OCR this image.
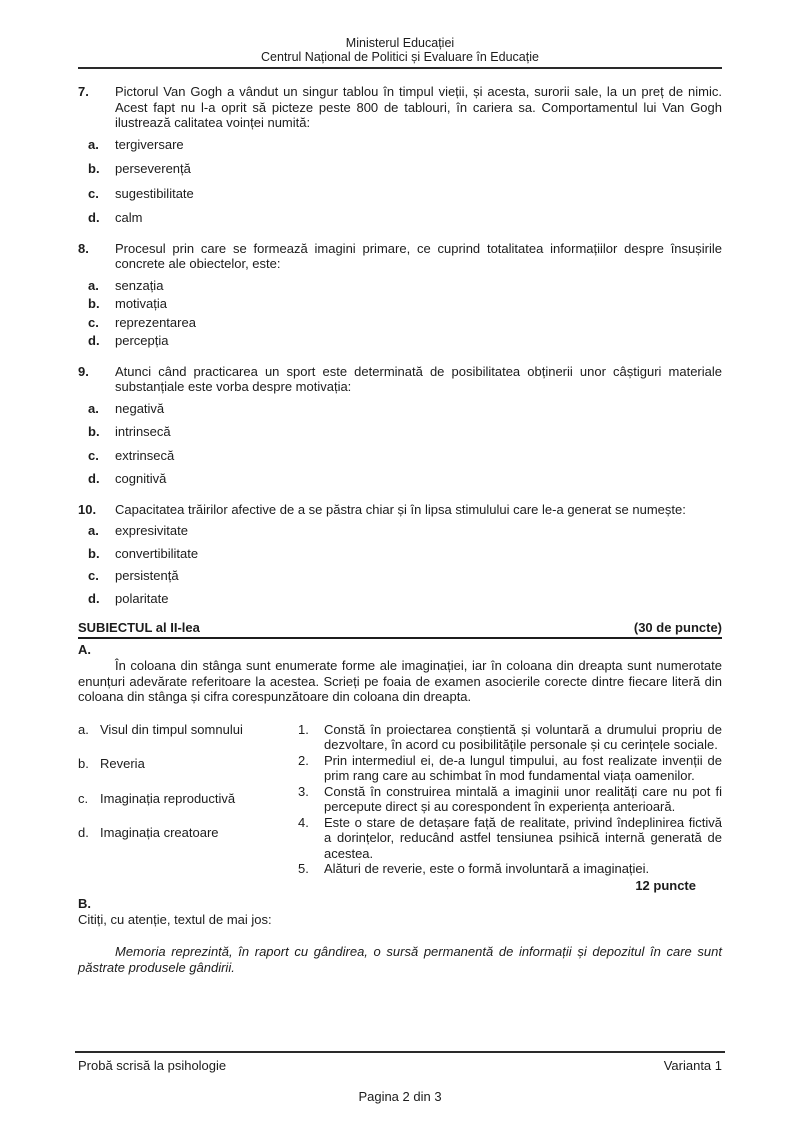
Ministerul Educației
Centrul Național de Politici și Evaluare în Educație
7.	Pictorul Van Gogh a vândut un singur tablou în timpul vieții, și acesta, surorii sale, la un preț de nimic. Acest fapt nu l-a oprit să picteze peste 800 de tablouri, în cariera sa. Comportamentul lui Van Gogh ilustrează calitatea voinței numită:
a.	tergiversare
b.	perseverență
c.	sugestibilitate
d.	calm
8.	Procesul prin care se formează imagini primare, ce cuprind totalitatea informațiilor despre însușirile concrete ale obiectelor, este:
a.	senzația
b.	motivația
c.	reprezentarea
d.	percepția
9.	Atunci când practicarea un sport este determinată de posibilitatea obținerii unor câștiguri materiale substanțiale este vorba despre motivația:
a.	negativă
b.	intrinsecă
c.	extrinsecă
d.	cognitivă
10.	Capacitatea trăirilor afective de a se păstra chiar și în lipsa stimulului care le-a generat se numește:
a.	expresivitate
b.	convertibilitate
c.	persistență
d.	polaritate
SUBIECTUL al II-lea	(30 de puncte)
A.
În coloana din stânga sunt enumerate forme ale imaginației, iar în coloana din dreapta sunt numerotate enunțuri adevărate referitoare la acestea. Scrieți pe foaia de examen asocierile corecte dintre fiecare literă din coloana din stânga și cifra corespunzătoare din coloana din dreapta.
a. Visul din timpul somnului
b. Reveria
c. Imaginația reproductivă
d. Imaginația creatoare
1.	Constă în proiectarea conștientă și voluntară a drumului propriu de dezvoltare, în acord cu posibilitățile personale și cu cerințele sociale.
2.	Prin intermediul ei, de-a lungul timpului, au fost realizate invenții de prim rang care au schimbat în mod fundamental viața oamenilor.
3.	Constă în construirea mintală a imaginii unor realități care nu pot fi percepute direct și au corespondent în experiența anterioară.
4.	Este o stare de detașare față de realitate, privind îndeplinirea fictivă a dorințelor, reducând astfel tensiunea psihică internă generată de acestea.
5.	Alături de reverie, este o formă involuntară a imaginației.
12 puncte
B.
Citiți, cu atenție, textul de mai jos:
Memoria reprezintă, în raport cu gândirea, o sursă permanentă de informații și depozitul în care sunt păstrate produsele gândirii.
Probă scrisă la psihologie	Varianta 1
Pagina 2 din 3
